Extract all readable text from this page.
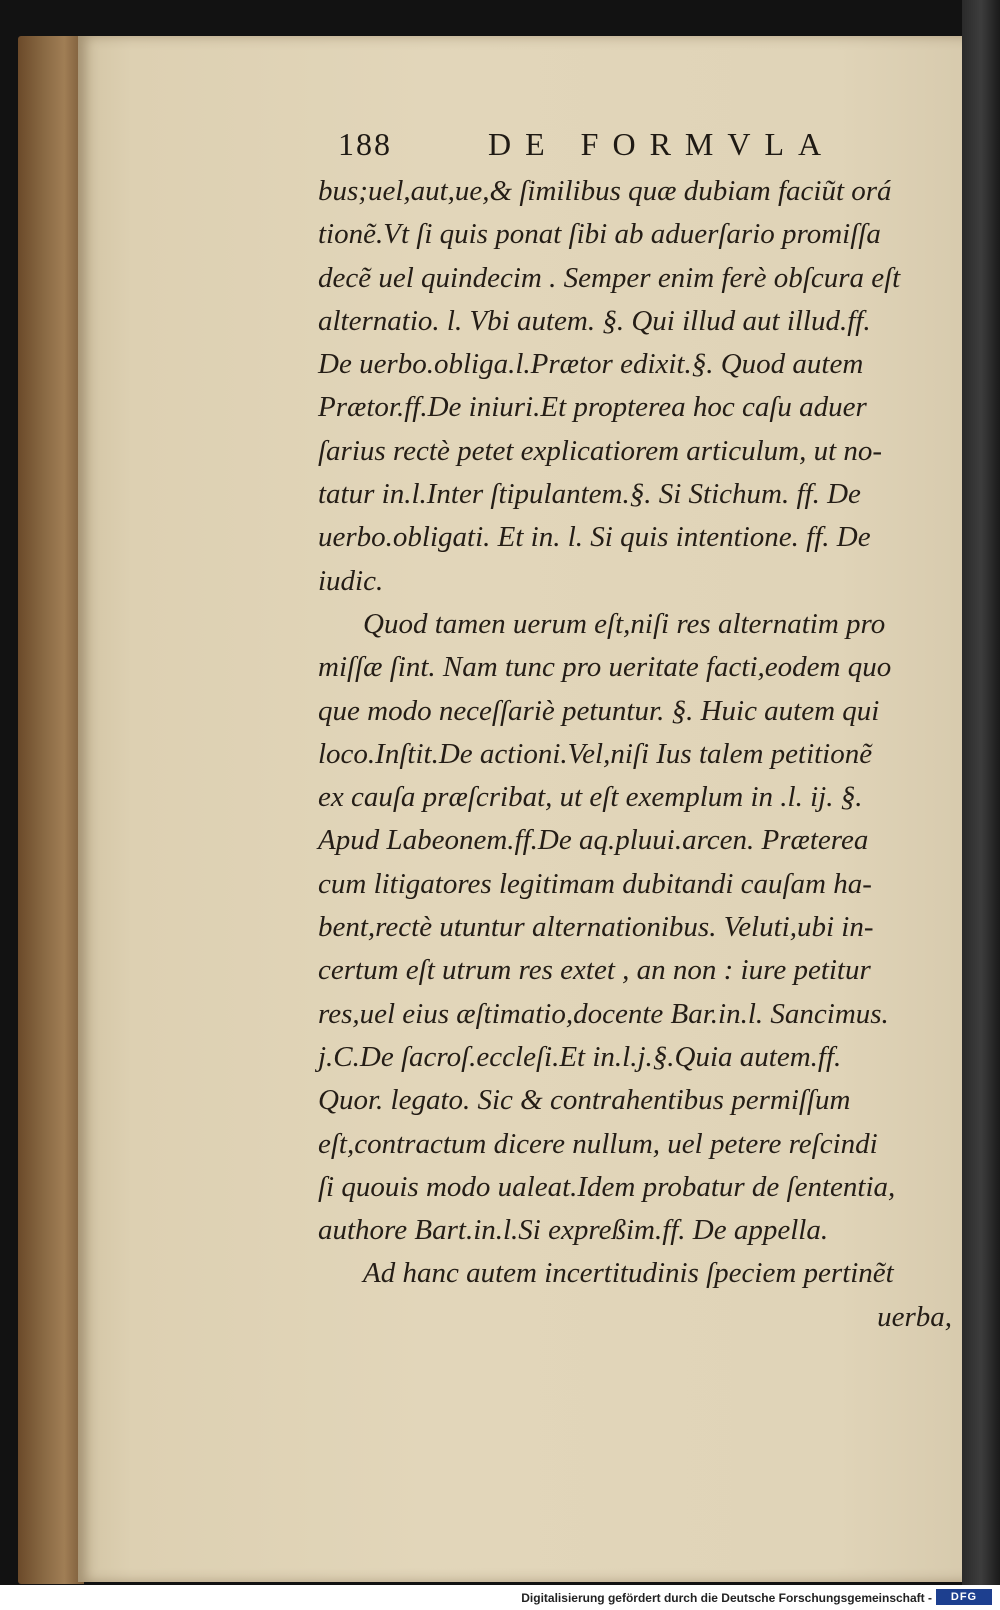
188	DE FORMVLA
bus;uel,aut,ue,& ſimilibus quæ dubiam faciũt orá
tionẽ.Vt ſi quis ponat ſibi ab aduerſario promiſſa
decẽ uel quindecim . Semper enim ferè obſcura eſt
alternatio. l. Vbi autem. §. Qui illud aut illud.ff.
De uerbo.obliga.l.Prætor edixit.§. Quod autem
Prætor.ff.De iniuri.Et propterea hoc caſu aduer
ſarius rectè petet explicatiorem articulum, ut no-
tatur in.l.Inter ſtipulantem.§. Si Stichum. ff. De
uerbo.obligati. Et in. l. Si quis intentione. ff. De
iudic.
Quod tamen uerum eſt,niſi res alternatim pro
miſſæ ſint. Nam tunc pro ueritate facti,eodem quo
que modo neceſſariè petuntur. §. Huic autem qui
loco.Inſtit.De actioni.Vel,niſi Ius talem petitionẽ
ex cauſa præſcribat, ut eſt exemplum in .l. ij. §.
Apud Labeonem.ff.De aq.pluui.arcen. Præterea
cum litigatores legitimam dubitandi cauſam ha-
bent,rectè utuntur alternationibus. Veluti,ubi in-
certum eſt utrum res extet , an non : iure petitur
res,uel eius æſtimatio,docente Bar.in.l. Sancimus.
j.C.De ſacroſ.eccleſi.Et in.l.j.§.Quia autem.ff.
Quor. legato. Sic & contrahentibus permiſſum
eſt,contractum dicere nullum, uel petere reſcindi
ſi quouis modo ualeat.Idem probatur de ſententia,
authore Bart.in.l.Si expreßim.ff. De appella.
Ad hanc autem incertitudinis ſpeciem pertinẽt
uerba,
Digitalisierung gefördert durch die Deutsche Forschungsgemeinschaft -	DFG
